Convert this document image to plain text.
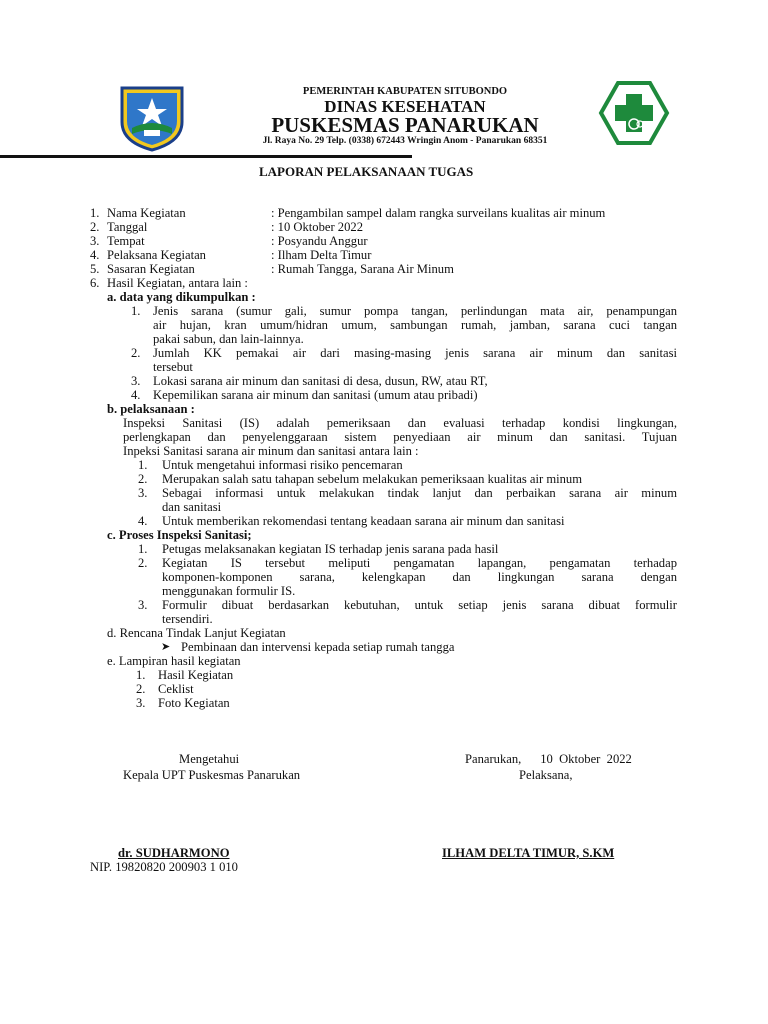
PEMERINTAH KABUPATEN SITUBONDO
DINAS KESEHATAN
PUSKESMAS PANARUKAN
Jl. Raya No. 29 Telp. (0338) 672443 Wringin Anom - Panarukan 68351
LAPORAN PELAKSANAAN TUGAS
1. Nama Kegiatan	: Pengambilan sampel dalam rangka surveilans kualitas air minum
2. Tanggal	: 10 Oktober 2022
3. Tempat	: Posyandu Anggur
4. Pelaksana Kegiatan	: Ilham Delta Timur
5. Sasaran Kegiatan	: Rumah Tangga, Sarana Air Minum
6. Hasil Kegiatan, antara lain :
a. data yang dikumpulkan :
1. Jenis sarana (sumur gali, sumur pompa tangan, perlindungan mata air, penampungan
air hujan, kran umum/hidran umum, sambungan rumah, jamban, sarana cuci tangan
pakai sabun, dan lain-lainnya.
2. Jumlah KK pemakai air dari masing-masing jenis sarana air minum dan sanitasi
tersebut
3. Lokasi sarana air minum dan sanitasi di desa, dusun, RW, atau RT,
4. Kepemilikan sarana air minum dan sanitasi (umum atau pribadi)
b. pelaksanaan :
Inspeksi Sanitasi (IS) adalah pemeriksaan dan evaluasi terhadap kondisi lingkungan,
perlengkapan dan penyelenggaraan sistem penyediaan air minum dan sanitasi. Tujuan
Inpeksi Sanitasi sarana air minum dan sanitasi antara lain :
1. Untuk mengetahui informasi risiko pencemaran
2. Merupakan salah satu tahapan sebelum melakukan pemeriksaan kualitas air minum
3. Sebagai informasi untuk melakukan tindak lanjut dan perbaikan sarana air minum
dan sanitasi
4. Untuk memberikan rekomendasi tentang keadaan sarana air minum dan sanitasi
c. Proses Inspeksi Sanitasi;
1. Petugas melaksanakan kegiatan IS terhadap jenis sarana pada hasil
2. Kegiatan IS tersebut meliputi pengamatan lapangan, pengamatan terhadap
komponen-komponen sarana, kelengkapan dan lingkungan sarana dengan
menggunakan formulir IS.
3. Formulir dibuat berdasarkan kebutuhan, untuk setiap jenis sarana dibuat formulir
tersendiri.
d. Rencana Tindak Lanjut Kegiatan
➤ Pembinaan dan intervensi kepada setiap rumah tangga
e. Lampiran hasil kegiatan
1. Hasil Kegiatan
2. Ceklist
3. Foto Kegiatan
Mengetahui
Kepala UPT Puskesmas Panarukan
Panarukan,      10  Oktober  2022
Pelaksana,
dr. SUDHARMONO
NIP. 19820820 200903 1 010
ILHAM DELTA TIMUR, S.KM
